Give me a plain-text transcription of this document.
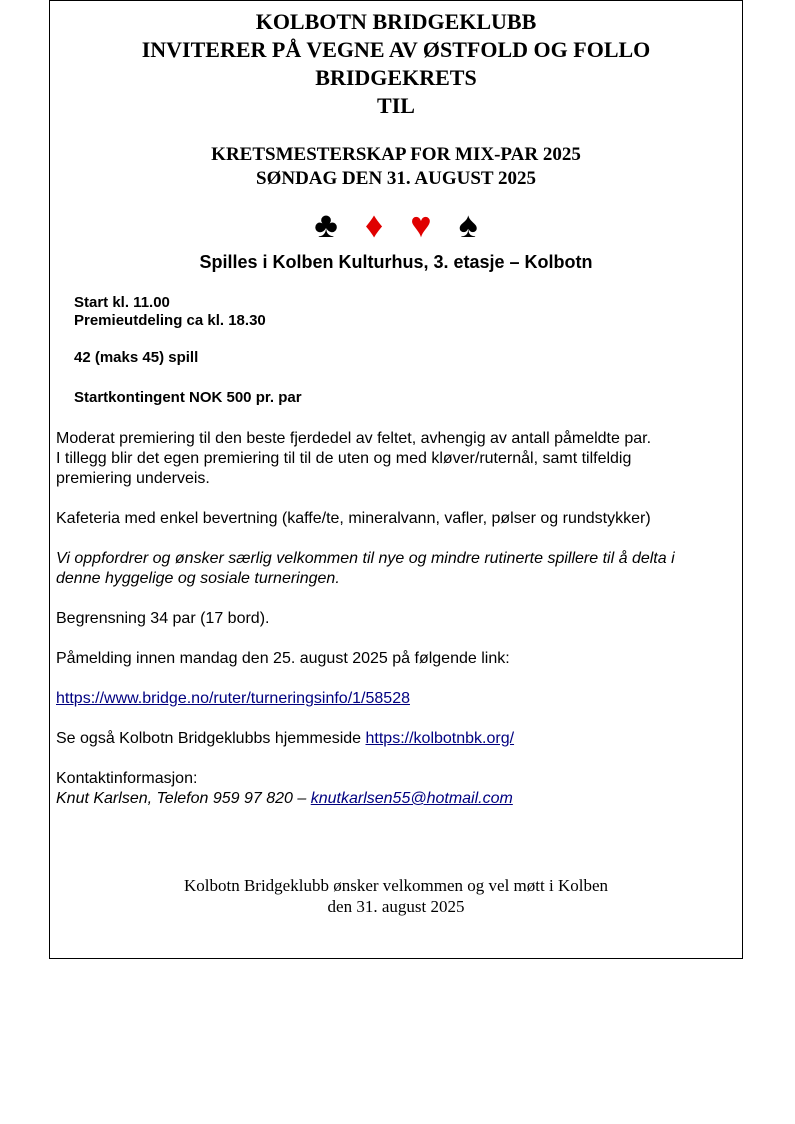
KOLBOTN BRIDGEKLUBB
INVITERER PÅ VEGNE AV ØSTFOLD OG FOLLO
BRIDGEKRETS
TIL
KRETSMESTERSKAP FOR MIX-PAR 2025
SØNDAG DEN 31. AUGUST 2025
♣ ♦ ♥ ♠
Spilles i Kolben Kulturhus, 3. etasje – Kolbotn
Start kl. 11.00
Premieutdeling ca kl. 18.30
42 (maks 45) spill
Startkontingent NOK 500 pr. par
Moderat premiering til den beste fjerdedel av feltet, avhengig av antall påmeldte par.
I tillegg blir det egen premiering til til de uten og med kløver/ruternål, samt tilfeldig
premiering underveis.
Kafeteria med enkel bevertning (kaffe/te, mineralvann, vafler, pølser og rundstykker)
Vi oppfordrer og ønsker særlig velkommen til nye og mindre rutinerte spillere til å delta i
denne hyggelige og sosiale turneringen.
Begrensning 34 par (17 bord).
Påmelding innen mandag den 25. august 2025 på følgende link:
https://www.bridge.no/ruter/turneringsinfo/1/58528
Se også Kolbotn Bridgeklubbs hjemmeside https://kolbotnbk.org/
Kontaktinformasjon:
Knut Karlsen, Telefon 959 97 820 – knutkarlsen55@hotmail.com
Kolbotn Bridgeklubb ønsker velkommen og vel møtt i Kolben
den 31. august 2025
